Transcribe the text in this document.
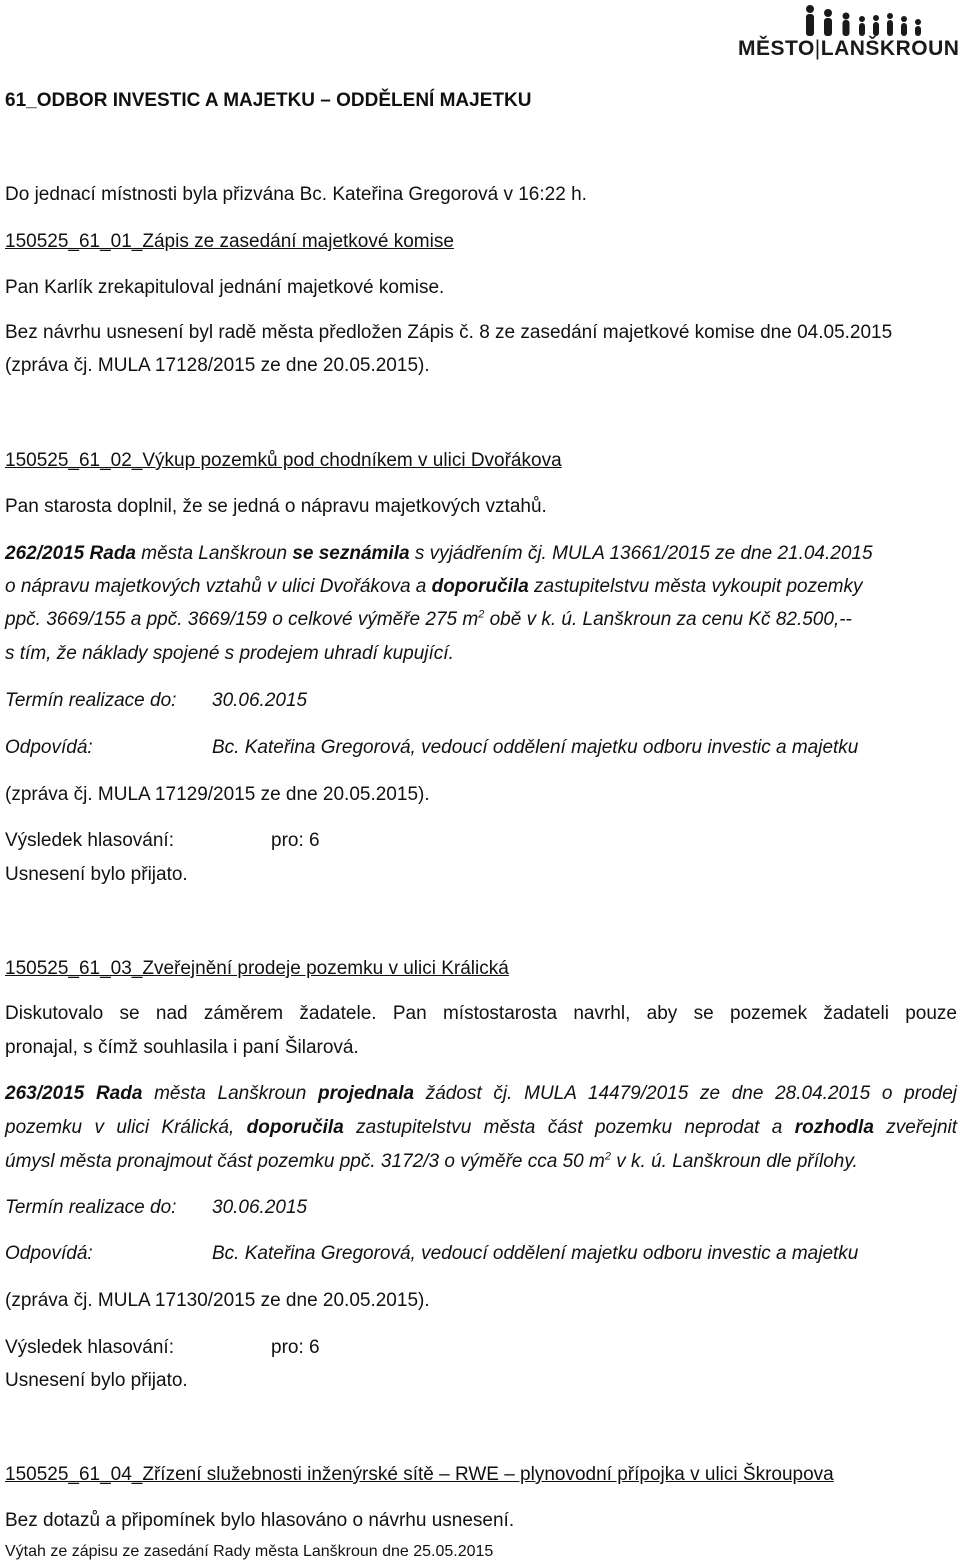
MĚSTO|LANŠKROUN
61_ODBOR INVESTIC A MAJETKU – ODDĚLENÍ MAJETKU
Do jednací místnosti byla přizvána Bc. Kateřina Gregorová v 16:22 h.
150525_61_01_Zápis ze zasedání majetkové komise
Pan Karlík zrekapituloval jednání majetkové komise.
Bez návrhu usnesení byl radě města předložen Zápis č. 8 ze zasedání majetkové komise dne 04.05.2015
(zpráva čj. MULA 17128/2015 ze dne 20.05.2015).
150525_61_02_Výkup pozemků pod chodníkem v ulici Dvořákova
Pan starosta doplnil, že se jedná o nápravu majetkových vztahů.
262/2015 Rada města Lanškroun se seznámila s vyjádřením čj. MULA 13661/2015 ze dne 21.04.2015
o nápravu majetkových vztahů v ulici Dvořákova a doporučila zastupitelstvu města vykoupit pozemky
ppč. 3669/155 a ppč. 3669/159 o celkové výměře 275 $m^2$ obě v k. ú. Lanškroun za cenu Kč 82.500,--
s tím, že náklady spojené s prodejem uhradí kupující.
Termín realizace do: 30.06.2015
Odpovídá:	Bc. Kateřina Gregorová, vedoucí oddělení majetku odboru investic a majetku
(zpráva čj. MULA 17129/2015 ze dne 20.05.2015).
Výsledek hlasování:	pro: 6
Usnesení bylo přijato.
150525_61_03_Zveřejnění prodeje pozemku v ulici Králická
Diskutovalo se nad záměrem žadatele. Pan místostarosta navrhl, aby se pozemek žadateli pouze
pronajal, s čímž souhlasila i paní Šilarová.
263/2015 Rada města Lanškroun projednala žádost čj. MULA 14479/2015 ze dne 28.04.2015 o prodej
pozemku v ulici Králická, doporučila zastupitelstvu města část pozemku neprodat a rozhodla zveřejnit
úmysl města pronajmout část pozemku ppč. 3172/3 o výměře cca 50 $m^2$ v k. ú. Lanškroun dle přílohy.
Termín realizace do: 30.06.2015
Odpovídá:	Bc. Kateřina Gregorová, vedoucí oddělení majetku odboru investic a majetku
(zpráva čj. MULA 17130/2015 ze dne 20.05.2015).
Výsledek hlasování:	pro: 6
Usnesení bylo přijato.
150525_61_04_Zřízení služebnosti inženýrské sítě – RWE – plynovodní přípojka v ulici Škroupova
Bez dotazů a připomínek bylo hlasováno o návrhu usnesení.
Výtah ze zápisu ze zasedání Rady města Lanškroun dne 25.05.2015
